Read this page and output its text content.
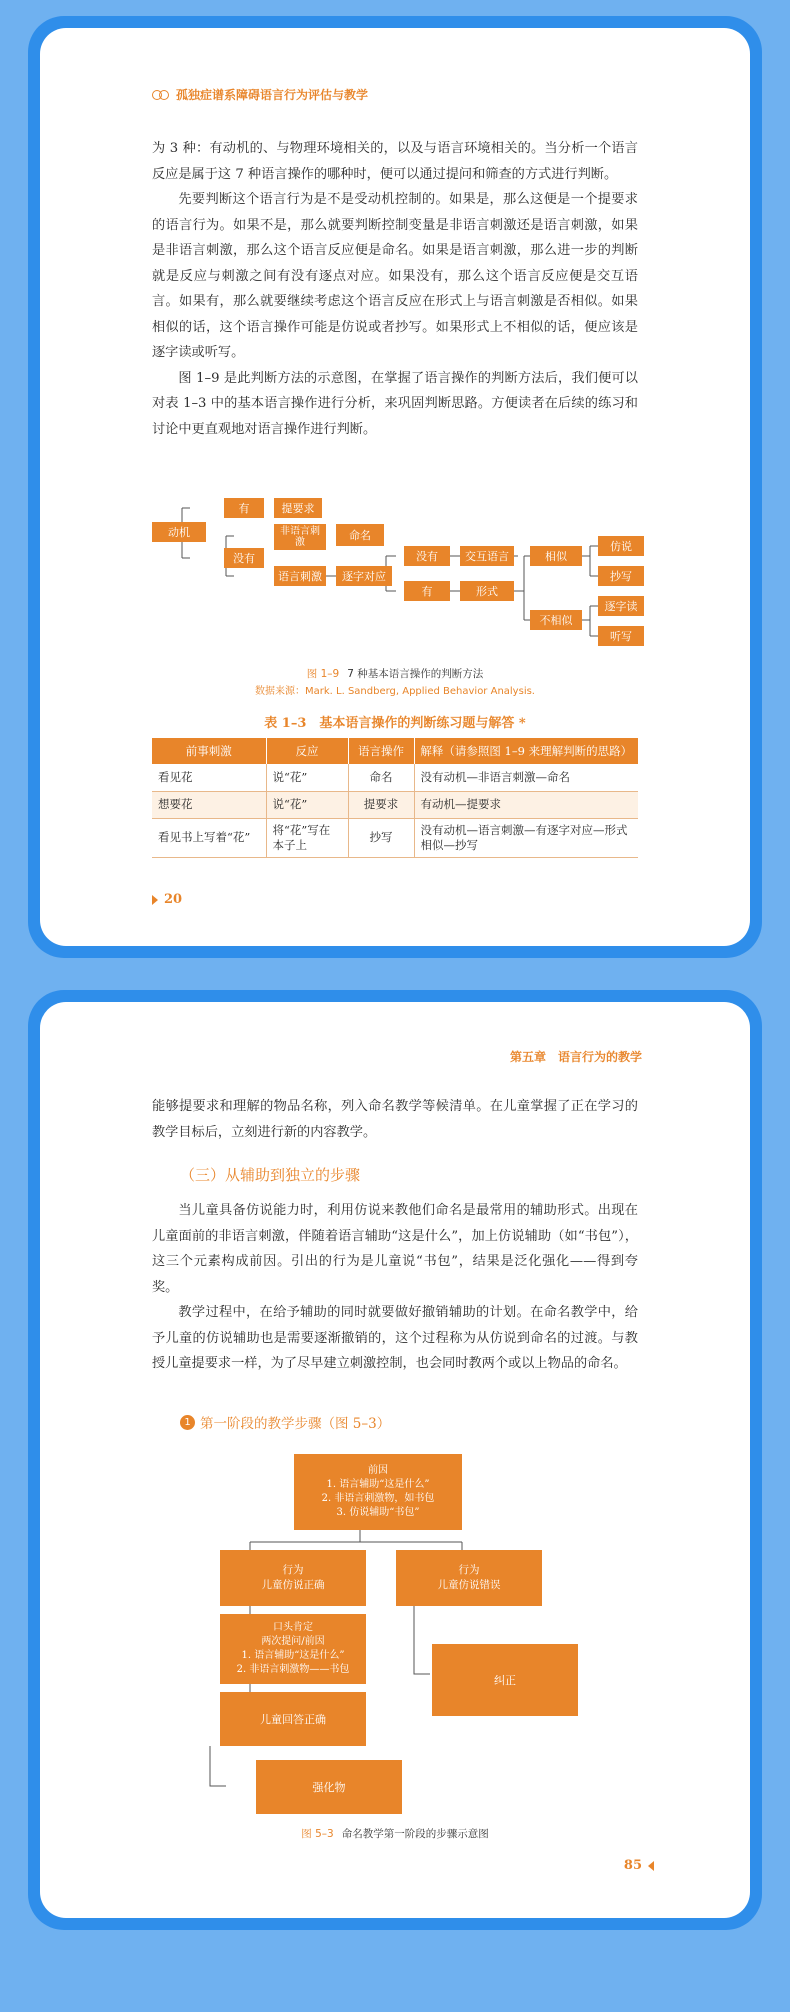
孤独症谱系障碍语言行为评估与教学

为 3 种：有动机的、与物理环境相关的，以及与语言环境相关的。当分析一个语言反应是属于这 7 种语言操作的哪种时，便可以通过提问和筛查的方式进行判断。

先要判断这个语言行为是不是受动机控制的。如果是，那么这便是一个提要求的语言行为。如果不是，那么就要判断控制变量是非语言刺激还是语言刺激，如果是非语言刺激，那么这个语言反应便是命名。如果是语言刺激，那么进一步的判断就是反应与刺激之间有没有逐点对应。如果没有，那么这个语言反应便是交互语言。如果有，那么就要继续考虑这个语言反应在形式上与语言刺激是否相似。如果相似的话，这个语言操作可能是仿说或者抄写。如果形式上不相似的话，便应该是逐字读或听写。

图 1–9 是此判断方法的示意图，在掌握了语言操作的判断方法后，我们便可以对表 1–3 中的基本语言操作进行分析，来巩固判断思路。方便读者在后续的练习和讨论中更直观地对语言操作进行判断。

动机
有	提要求
没有
非语言刺激
命名
语言刺激	逐字对应
没有	交互语言
有	形式
相似
仿说
抄写
不相似
逐字读
听写
图 1–9 7 种基本语言操作的判断方法
数据来源：Mark. L. Sandberg, Applied Behavior Analysis.
表 1–3　基本语言操作的判断练习题与解答 *
前事刺激	反应	语言操作	解释（请参照图 1–9 来理解判断的思路）
看见花	说“花”	命名	没有动机—非语言刺激—命名
想要花	说“花”	提要求	有动机—提要求
看见书上写着“花”	将“花”写在本子上	抄写	没有动机—语言刺激—有逐字对应—形式相似—抄写
20
第五章　语言行为的教学

能够提要求和理解的物品名称，列入命名教学等候清单。在儿童掌握了正在学习的教学目标后，立刻进行新的内容教学。

（三）从辅助到独立的步骤

当儿童具备仿说能力时，利用仿说来教他们命名是最常用的辅助形式。出现在儿童面前的非语言刺激，伴随着语言辅助“这是什么”，加上仿说辅助（如“书包”），这三个元素构成前因。引出的行为是儿童说“书包”，结果是泛化强化——得到夸奖。

教学过程中，在给予辅助的同时就要做好撤销辅助的计划。在命名教学中，给予儿童的仿说辅助也是需要逐渐撤销的，这个过程称为从仿说到命名的过渡。与教授儿童提要求一样，为了尽早建立刺激控制，也会同时教两个或以上物品的命名。

1 第一阶段的教学步骤（图 5–3）
前因
1. 语言辅助“这是什么”
2. 非语言刺激物，如书包
3. 仿说辅助“书包”
行为
儿童仿说正确
行为
儿童仿说错误
口头肯定
两次提问/前因
1. 语言辅助“这是什么”
2. 非语言刺激物——书包
纠正
儿童回答正确
强化物
图 5–3 命名教学第一阶段的步骤示意图
85
